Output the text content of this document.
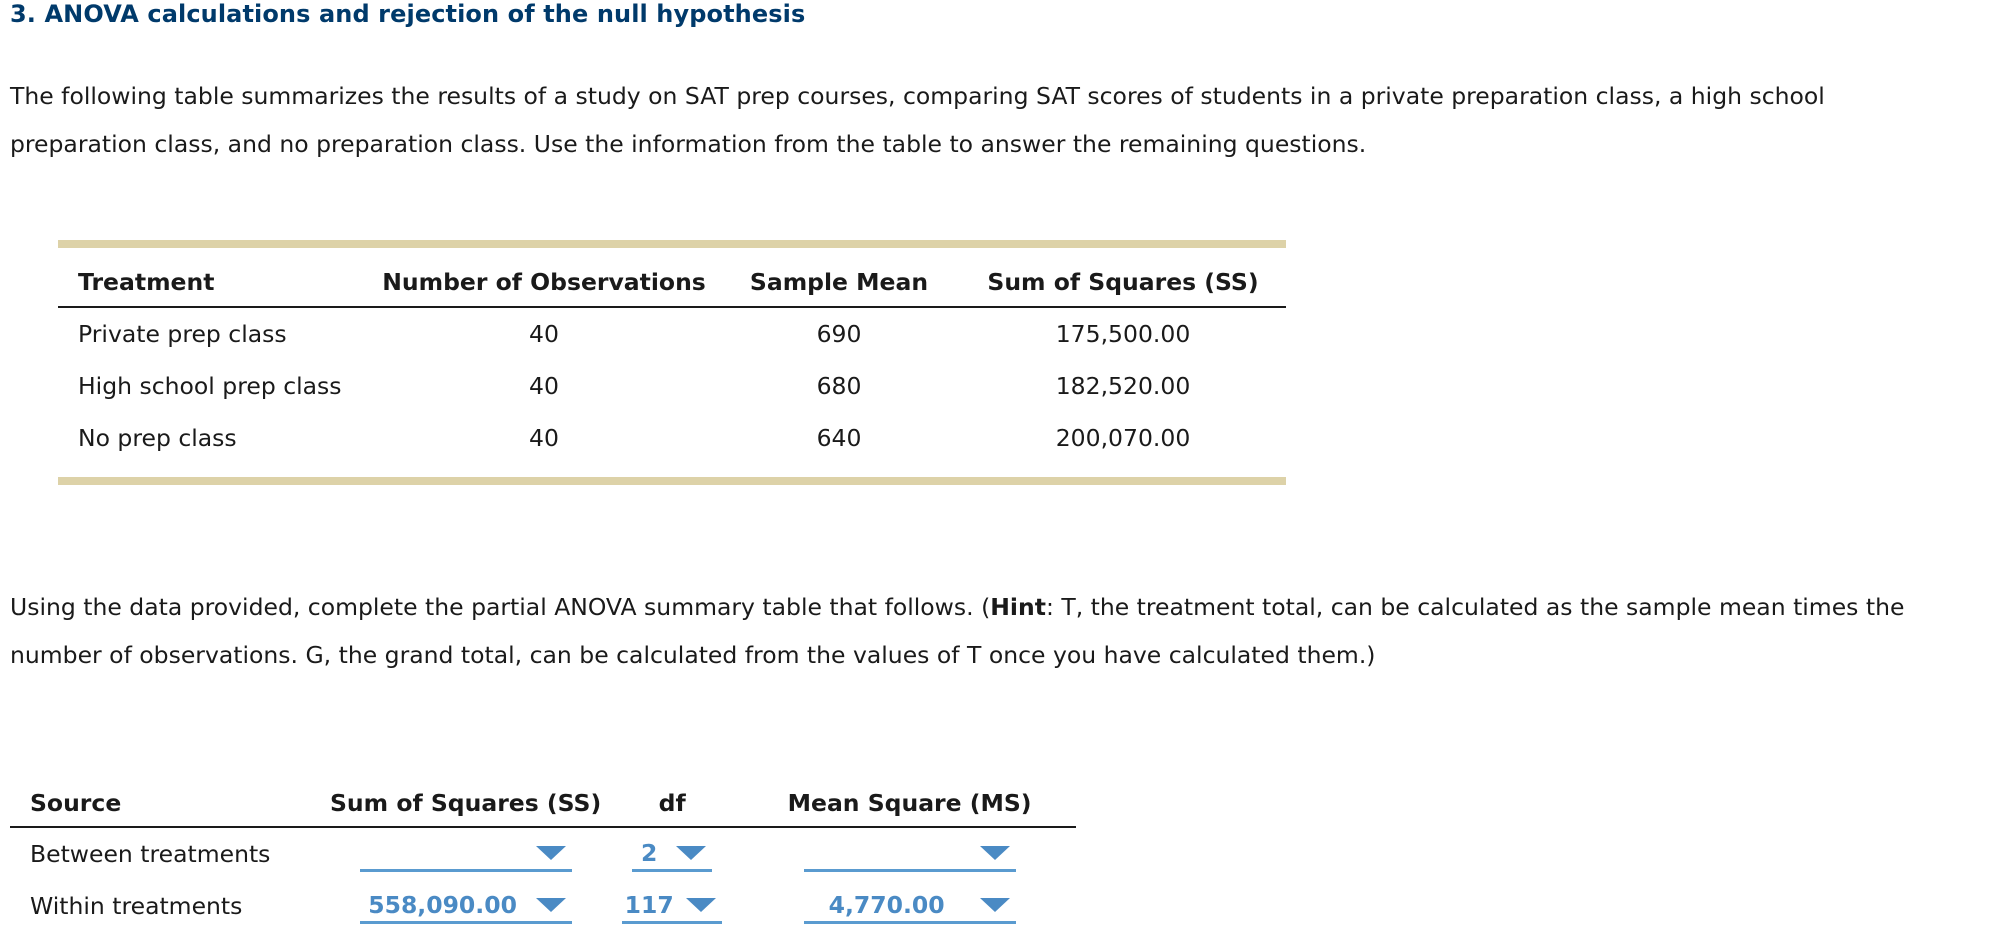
3. ANOVA calculations and rejection of the null hypothesis
The following table summarizes the results of a study on SAT prep courses, comparing SAT scores of students in a private preparation class, a high school preparation class, and no preparation class. Use the information from the table to answer the remaining questions.
Treatment	Number of Observations	Sample Mean	Sum of Squares (SS)
Private prep class	40	690	175,500.00
High school prep class	40	680	182,520.00
No prep class	40	640	200,070.00
Using the data provided, complete the partial ANOVA summary table that follows. (Hint: T, the treatment total, can be calculated as the sample mean times the number of observations. G, the grand total, can be calculated from the values of T once you have calculated them.)
Source	Sum of Squares (SS)	df	Mean Square (MS)
Between treatments		2	

Within treatments	558,090.00	117	4,770.00
